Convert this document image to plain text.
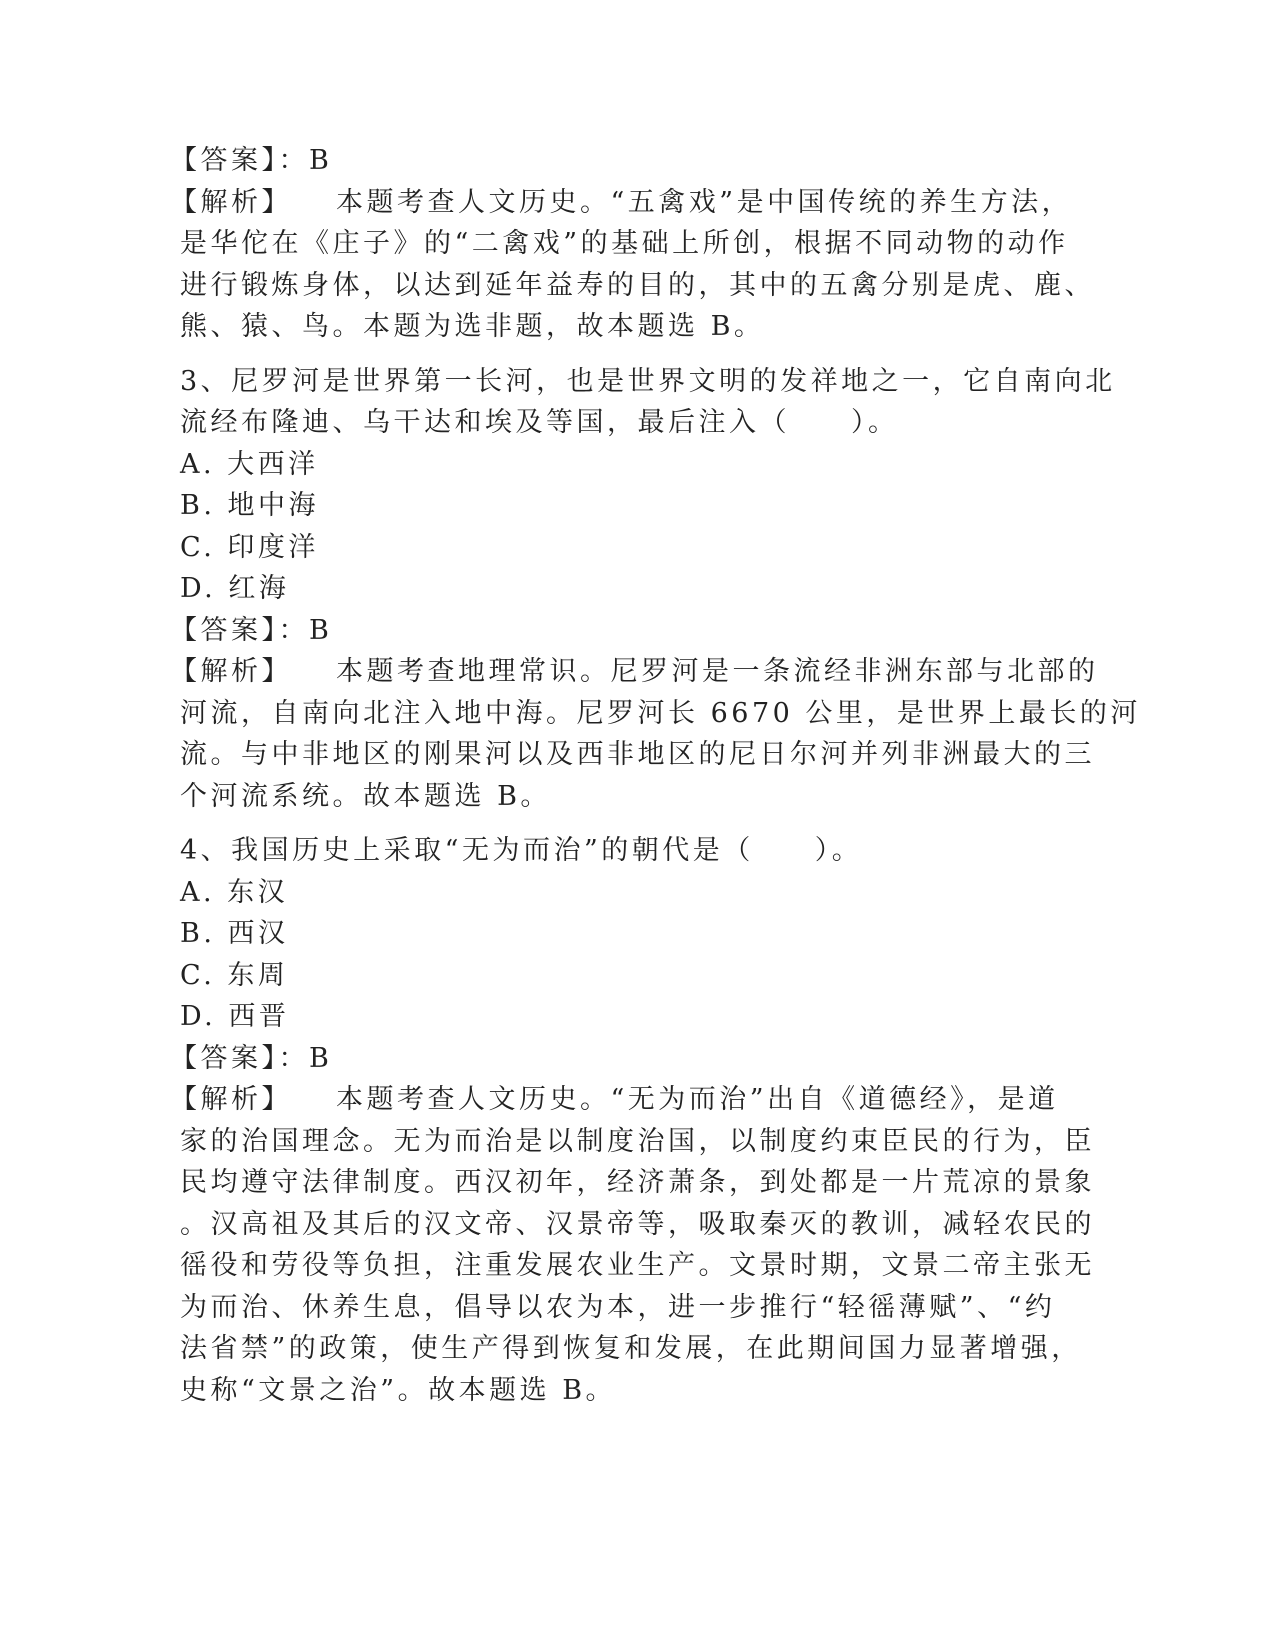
【答案】：B

【解析】 本题考查人文历史。“五禽戏”是中国传统的养生方法，

是华佗在《庄子》的“二禽戏”的基础上所创，根据不同动物的动作

进行锻炼身体，以达到延年益寿的目的，其中的五禽分别是虎、鹿、

熊、猿、鸟。本题为选非题，故本题选 B。

3、尼罗河是世界第一长河，也是世界文明的发祥地之一，它自南向北

流经布隆迪、乌干达和埃及等国，最后注入（　　）。

A. 大西洋

B. 地中海

C. 印度洋

D. 红海

【答案】：B

【解析】 本题考查地理常识。尼罗河是一条流经非洲东部与北部的

河流，自南向北注入地中海。尼罗河长 6670 公里，是世界上最长的河

流。与中非地区的刚果河以及西非地区的尼日尔河并列非洲最大的三

个河流系统。故本题选 B。

4、我国历史上采取“无为而治”的朝代是（　　）。

A. 东汉

B. 西汉

C. 东周

D. 西晋

【答案】：B

【解析】 本题考查人文历史。“无为而治”出自《道德经》，是道

家的治国理念。无为而治是以制度治国，以制度约束臣民的行为，臣

民均遵守法律制度。西汉初年，经济萧条，到处都是一片荒凉的景象

。汉高祖及其后的汉文帝、汉景帝等，吸取秦灭的教训，减轻农民的

徭役和劳役等负担，注重发展农业生产。文景时期，文景二帝主张无

为而治、休养生息，倡导以农为本，进一步推行“轻徭薄赋”、“约

法省禁”的政策，使生产得到恢复和发展，在此期间国力显著增强，

史称“文景之治”。故本题选 B。
